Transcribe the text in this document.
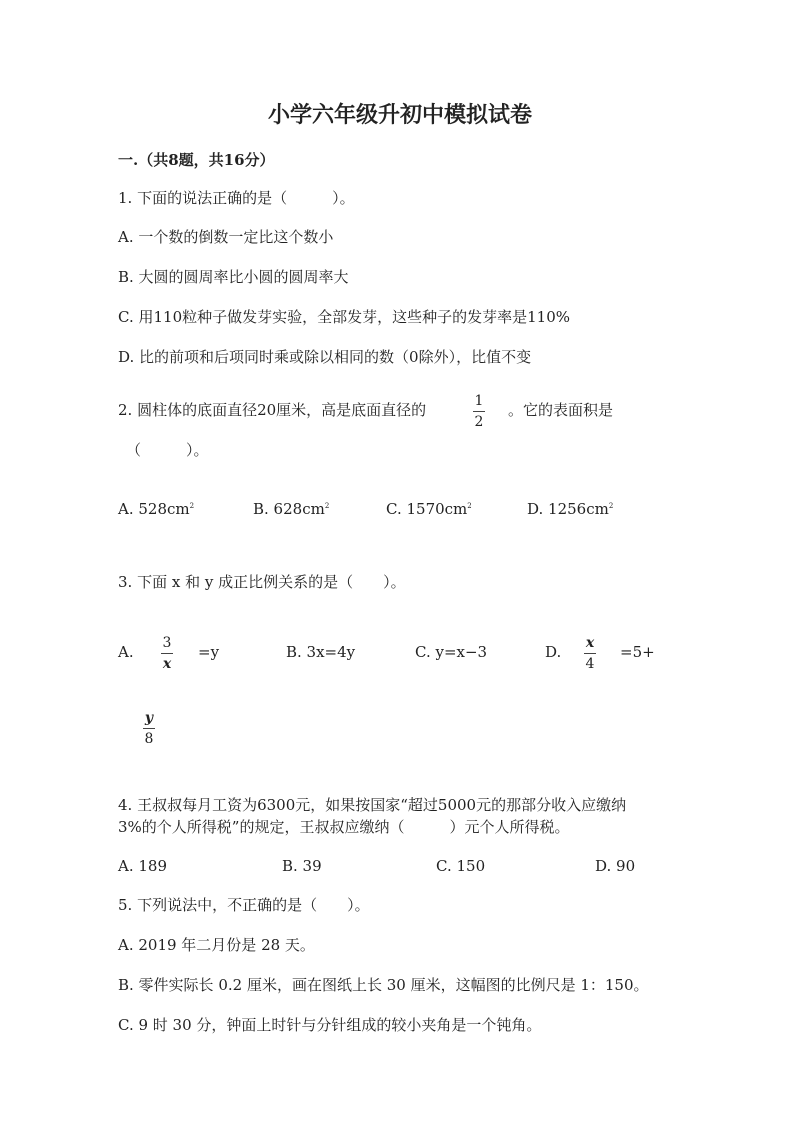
小学六年级升初中模拟试卷
一.（共8题，共16分）
1. 下面的说法正确的是（　　　）。
A. 一个数的倒数一定比这个数小
B. 大圆的圆周率比小圆的圆周率大
C. 用110粒种子做发芽实验，全部发芽，这些种子的发芽率是110%
D. 比的前项和后项同时乘或除以相同的数（0除外），比值不变
2. 圆柱体的底面直径20厘米，高是底面直径的	1
2
。它的表面积是
（　　　）。
A. $528cm^2$	B. $628cm^2$	C. $1570cm^2$	D. $1256cm^2$
3. 下面 x 和 y 成正比例关系的是（　　）。
A. 3
x
=y	B. 3x=4y	C. y=x−3	D. x
4
=5+
y
8
4. 王叔叔每月工资为6300元，如果按国家“超过5000元的那部分收入应缴纳
3%的个人所得税”的规定，王叔叔应缴纳（　　　）元个人所得税。
A. 189	B. 39	C. 150	D. 90
5. 下列说法中，不正确的是（　　）。
A. 2019 年二月份是 28 天。
B. 零件实际长 0.2 厘米，画在图纸上长 30 厘米，这幅图的比例尺是 1：150。
C. 9 时 30 分，钟面上时针与分针组成的较小夹角是一个钝角。
